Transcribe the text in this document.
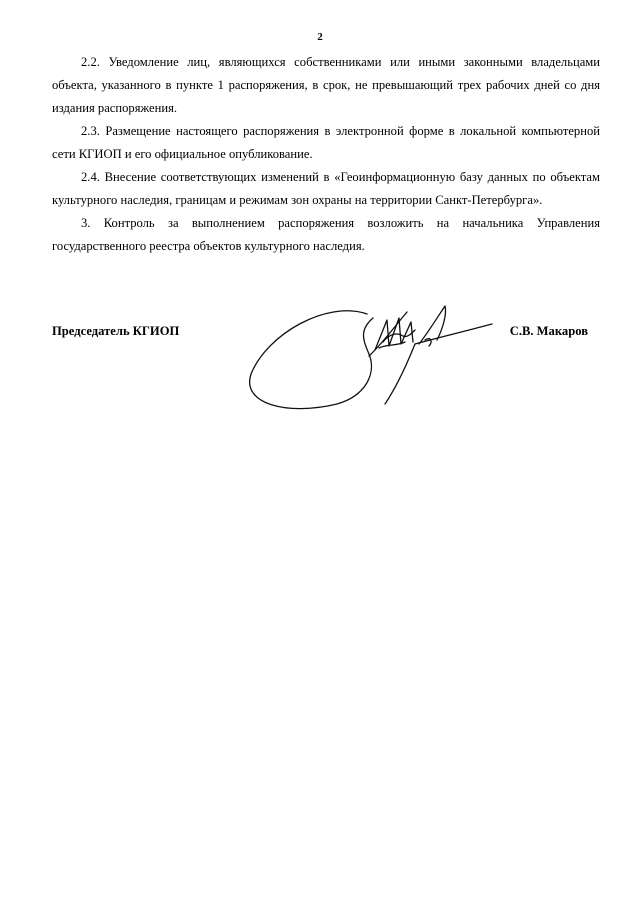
2

2.2. Уведомление лиц, являющихся собственниками или иными законными владельцами объекта, указанного в пункте 1 распоряжения, в срок, не превышающий трех рабочих дней со дня издания распоряжения.

2.3. Размещение настоящего распоряжения в электронной форме в локальной компьютерной сети КГИОП и его официальное опубликование.

2.4. Внесение соответствующих изменений в «Геоинформационную базу данных по объектам культурного наследия, границам и режимам зон охраны на территории Санкт-Петербурга».

3. Контроль за выполнением распоряжения возложить на начальника Управления государственного реестра объектов культурного наследия.

Председатель КГИОП	С.В. Макаров
